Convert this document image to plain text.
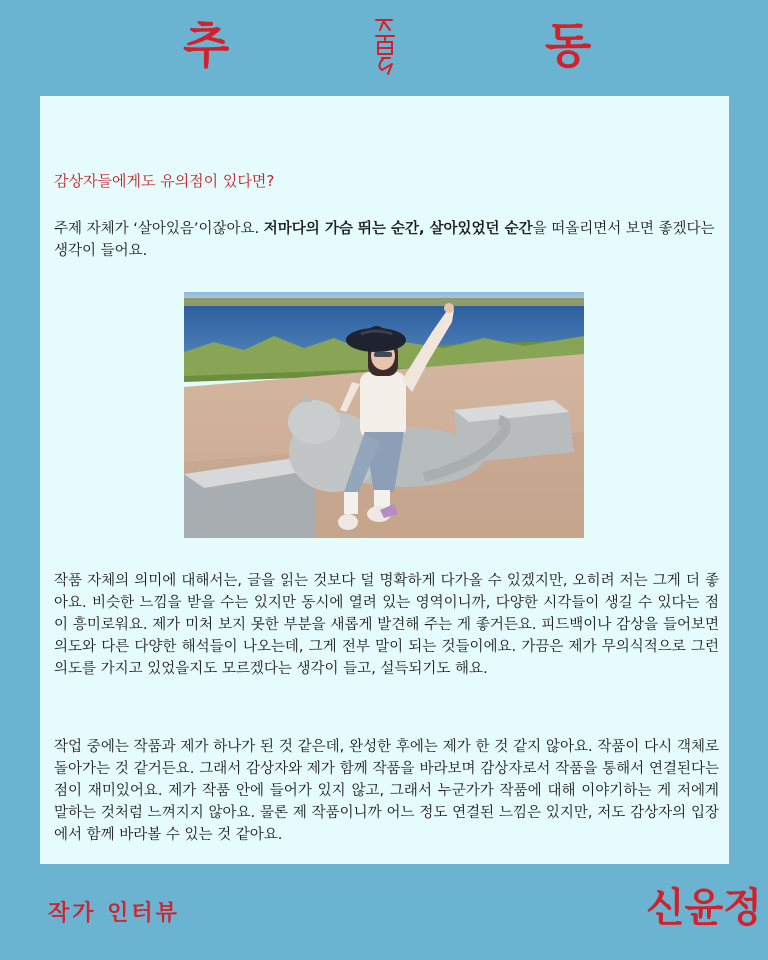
추	동
감상자들에게도 유의점이 있다면?
주제 자체가 ‘살아있음’이잖아요. 저마다의 가슴 뛰는 순간, 살아있었던 순간을 떠올리면서 보면 좋겠다는 생각이 들어요.
작품 자체의 의미에 대해서는, 글을 읽는 것보다 덜 명확하게 다가올 수 있겠지만, 오히려 저는 그게 더 좋아요. 비슷한 느낌을 받을 수는 있지만 동시에 열려 있는 영역이니까, 다양한 시각들이 생길 수 있다는 점이 흥미로워요. 제가 미처 보지 못한 부분을 새롭게 발견해 주는 게 좋거든요. 피드백이나 감상을 들어보면 의도와 다른 다양한 해석들이 나오는데, 그게 전부 말이 되는 것들이에요. 가끔은 제가 무의식적으로 그런 의도를 가지고 있었을지도 모르겠다는 생각이 들고, 설득되기도 해요.
작업 중에는 작품과 제가 하나가 된 것 같은데, 완성한 후에는 제가 한 것 같지 않아요. 작품이 다시 객체로 돌아가는 것 같거든요. 그래서 감상자와 제가 함께 작품을 바라보며 감상자로서 작품을 통해서 연결된다는 점이 재미있어요. 제가 작품 안에 들어가 있지 않고, 그래서 누군가가 작품에 대해 이야기하는 게 저에게 말하는 것처럼 느껴지지 않아요. 물론 제 작품이니까 어느 정도 연결된 느낌은 있지만, 저도 감상자의 입장에서 함께 바라볼 수 있는 것 같아요.
작가 인터뷰	신윤정
